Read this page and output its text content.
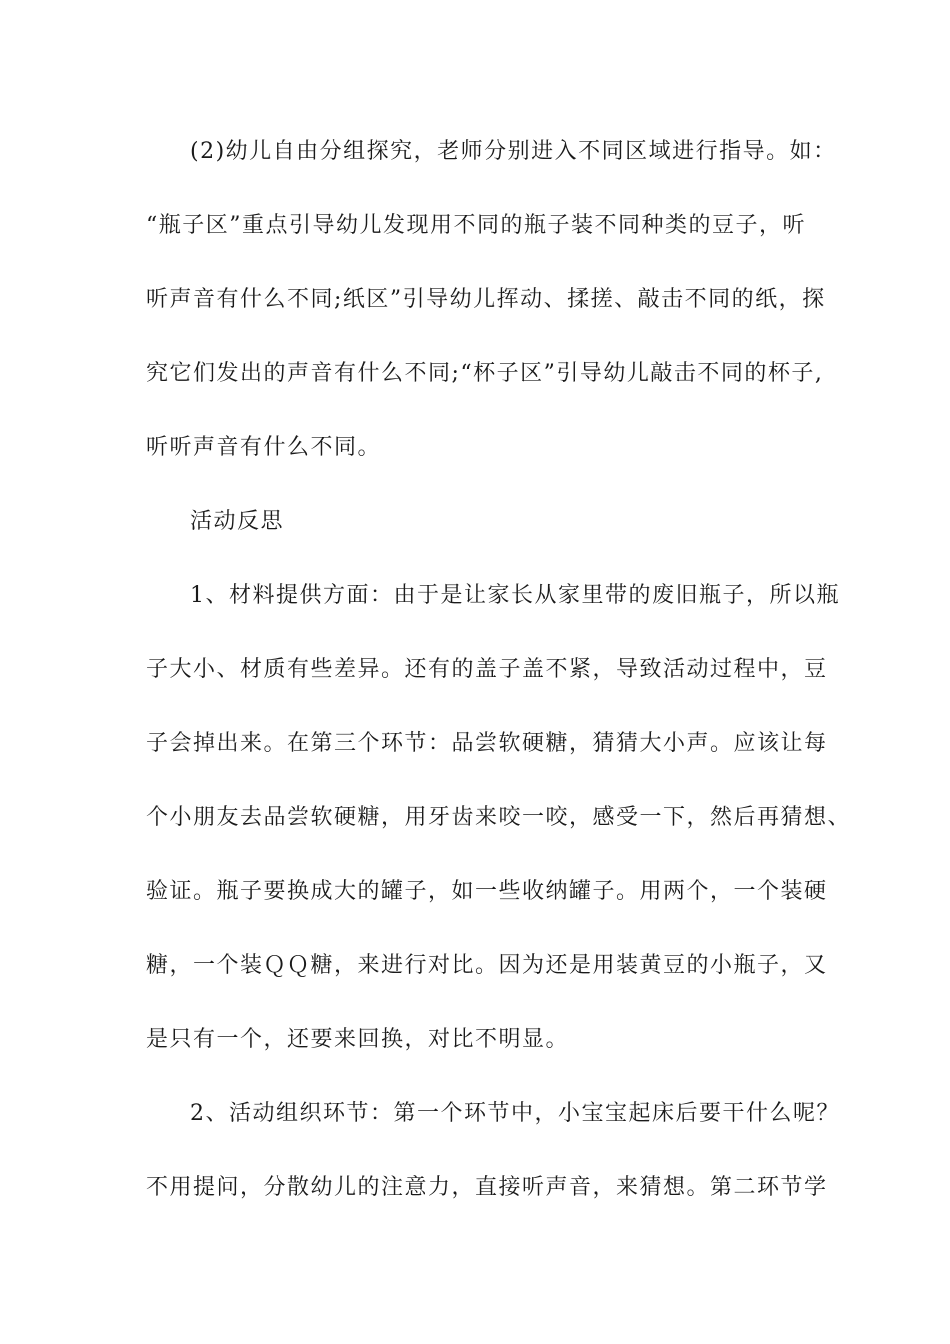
(2)幼儿自由分组探究，老师分别进入不同区域进行指导。如：
“瓶子区”重点引导幼儿发现用不同的瓶子装不同种类的豆子，听
听声音有什么不同;纸区”引导幼儿挥动、揉搓、敲击不同的纸，探
究它们发出的声音有什么不同;“杯子区”引导幼儿敲击不同的杯子,
听听声音有什么不同。
活动反思
1、材料提供方面：由于是让家长从家里带的废旧瓶子，所以瓶
子大小、材质有些差异。还有的盖子盖不紧，导致活动过程中，豆
子会掉出来。在第三个环节：品尝软硬糖，猜猜大小声。应该让每
个小朋友去品尝软硬糖，用牙齿来咬一咬，感受一下，然后再猜想、
验证。瓶子要换成大的罐子，如一些收纳罐子。用两个，一个装硬
糖，一个装ＱＱ糖，来进行对比。因为还是用装黄豆的小瓶子，又
是只有一个，还要来回换，对比不明显。
2、活动组织环节：第一个环节中，小宝宝起床后要干什么呢？
不用提问，分散幼儿的注意力，直接听声音，来猜想。第二环节学
